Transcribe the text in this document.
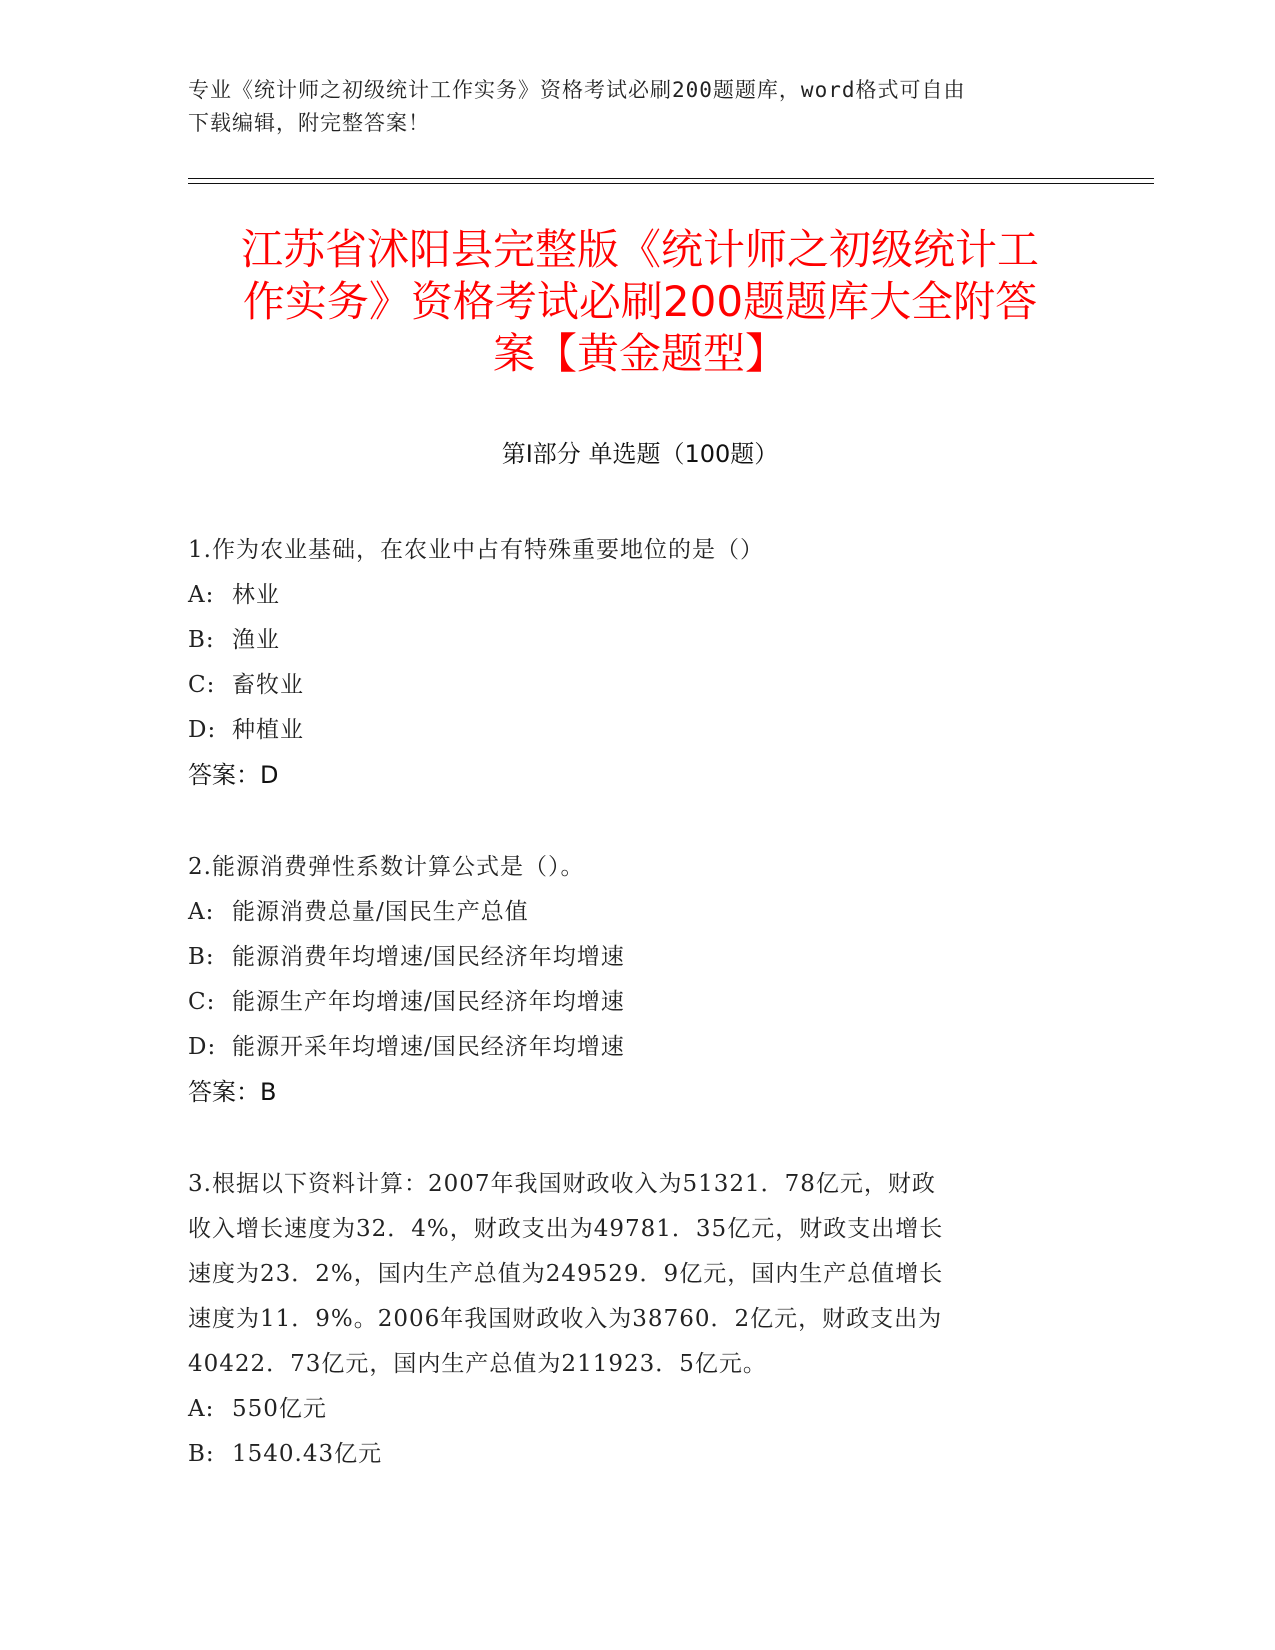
专业《统计师之初级统计工作实务》资格考试必刷200题题库，word格式可自由
下载编辑，附完整答案！
江苏省沭阳县完整版《统计师之初级统计工
作实务》资格考试必刷200题题库大全附答
案【黄金题型】
第Ⅰ部分 单选题（100题）
1.作为农业基础，在农业中占有特殊重要地位的是（）
A: 林业
B: 渔业
C: 畜牧业
D: 种植业
答案：D
2.能源消费弹性系数计算公式是（）。
A: 能源消费总量/国民生产总值
B: 能源消费年均增速/国民经济年均增速
C: 能源生产年均增速/国民经济年均增速
D: 能源开采年均增速/国民经济年均增速
答案：B
3.根据以下资料计算：2007年我国财政收入为51321．78亿元，财政
收入增长速度为32．4%，财政支出为49781．35亿元，财政支出增长
速度为23．2%，国内生产总值为249529．9亿元，国内生产总值增长
速度为11．9%。2006年我国财政收入为38760．2亿元，财政支出为
40422．73亿元，国内生产总值为211923．5亿元。
A: 550亿元
B: 1540.43亿元
